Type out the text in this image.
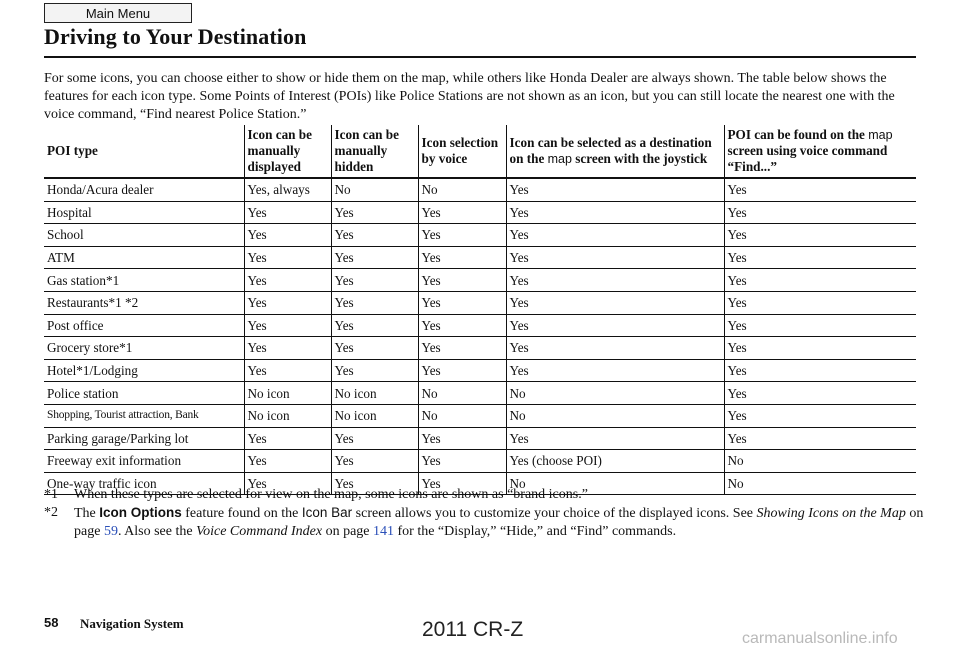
Main Menu
Driving to Your Destination

For some icons, you can choose either to show or hide them on the map, while others like Honda Dealer are always shown. The table below shows the features for each icon type. Some Points of Interest (POIs) like Police Stations are not shown as an icon, but you can still locate the nearest one with the voice command, “Find nearest Police Station.”

POI type	Icon can be manually displayed	Icon can be manually hidden	Icon selection by voice	Icon can be selected as a destination on the map screen with the joystick	POI can be found on the map screen using voice command “Find...”
Honda/Acura dealer	Yes, always	No	No	Yes	Yes
Hospital	Yes	Yes	Yes	Yes	Yes
School	Yes	Yes	Yes	Yes	Yes
ATM	Yes	Yes	Yes	Yes	Yes
Gas station*1	Yes	Yes	Yes	Yes	Yes
Restaurants*1 *2	Yes	Yes	Yes	Yes	Yes
Post office	Yes	Yes	Yes	Yes	Yes
Grocery store*1	Yes	Yes	Yes	Yes	Yes
Hotel*1/Lodging	Yes	Yes	Yes	Yes	Yes
Police station	No icon	No icon	No	No	Yes
Shopping, Tourist attraction, Bank	No icon	No icon	No	No	Yes
Parking garage/Parking lot	Yes	Yes	Yes	Yes	Yes
Freeway exit information	Yes	Yes	Yes	Yes (choose POI)	No
One-way traffic icon	Yes	Yes	Yes	No	No
*1	When these types are selected for view on the map, some icons are shown as “brand icons.”
*2	The Icon Options feature found on the Icon Bar screen allows you to customize your choice of the displayed icons. See Showing Icons on the Map on page 59. Also see the Voice Command Index on page 141 for the “Display,” “Hide,” and “Find” commands.
58 Navigation System	2011 CR-Z	carmanualsonline.info
